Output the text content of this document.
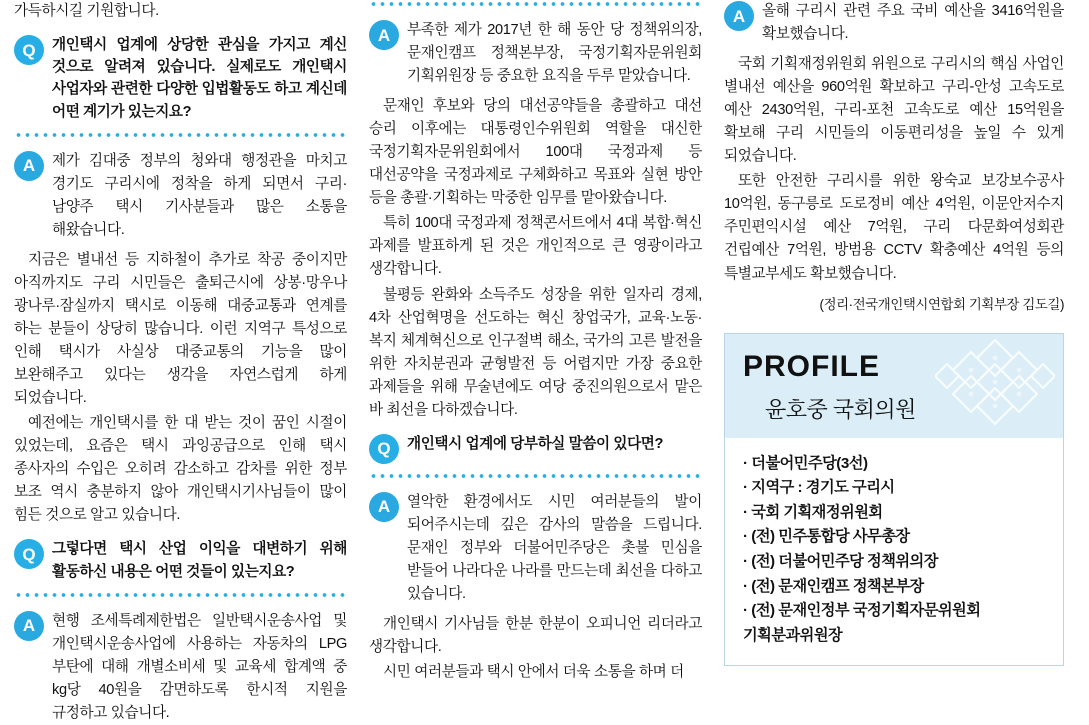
가득하시길 기원합니다.

Q	개인택시 업계에 상당한 관심을 가지고 계신 것으로 알려져 있습니다. 실제로도 개인택시 사업자와 관련한 다양한 입법활동도 하고 계신데 어떤 계기가 있는지요?
A	제가 김대중 정부의 청와대 행정관을 마치고 경기도 구리시에 정착을 하게 되면서 구리·남양주 택시 기사분들과 많은 소통을 해왔습니다.

지금은 별내선 등 지하철이 추가로 착공 중이지만 아직까지도 구리 시민들은 출퇴근시에 상봉·망우나 광나루·잠실까지 택시로 이동해 대중교통과 연계를 하는 분들이 상당히 많습니다. 이런 지역구 특성으로 인해 택시가 사실상 대중교통의 기능을 많이 보완해주고 있다는 생각을 자연스럽게 하게 되었습니다.

예전에는 개인택시를 한 대 받는 것이 꿈인 시절이 있었는데, 요즘은 택시 과잉공급으로 인해 택시 종사자의 수입은 오히려 감소하고 감차를 위한 정부 보조 역시 충분하지 않아 개인택시기사님들이 많이 힘든 것으로 알고 있습니다.

Q	그렇다면 택시 산업 이익을 대변하기 위해 활동하신 내용은 어떤 것들이 있는지요?
A	현행 조세특례제한법은 일반택시운송사업 및 개인택시운송사업에 사용하는 자동차의 LPG 부탄에 대해 개별소비세 및 교육세 합계액 중 kg당 40원을 감면하도록 한시적 지원을 규정하고 있습니다.
A	부족한 제가 2017년 한 해 동안 당 정책위의장, 문재인캠프 정책본부장, 국정기획자문위원회 기획위원장 등 중요한 요직을 두루 맡았습니다.

문재인 후보와 당의 대선공약들을 총괄하고 대선 승리 이후에는 대통령인수위원회 역할을 대신한 국정기획자문위원회에서 100대 국정과제 등 대선공약을 국정과제로 구체화하고 목표와 실현 방안 등을 총괄·기획하는 막중한 임무를 맡아왔습니다.

특히 100대 국정과제 정책콘서트에서 4대 복합·혁신 과제를 발표하게 된 것은 개인적으로 큰 영광이라고 생각합니다.

불평등 완화와 소득주도 성장을 위한 일자리 경제, 4차 산업혁명을 선도하는 혁신 창업국가, 교육·노동·복지 체계혁신으로 인구절벽 해소, 국가의 고른 발전을 위한 자치분권과 균형발전 등 어렵지만 가장 중요한 과제들을 위해 무술년에도 여당 중진의원으로서 맡은 바 최선을 다하겠습니다.

Q	개인택시 업계에 당부하실 말씀이 있다면?
A	열악한 환경에서도 시민 여러분들의 발이 되어주시는데 깊은 감사의 말씀을 드립니다. 문재인 정부와 더불어민주당은 촛불 민심을 받들어 나라다운 나라를 만드는데 최선을 다하고 있습니다.

개인택시 기사님들 한분 한분이 오피니언 리더라고 생각합니다.

시민 여러분들과 택시 안에서 더욱 소통을 하며 더

A	올해 구리시 관련 주요 국비 예산을 3416억원을 확보했습니다.

국회 기획재정위원회 위원으로 구리시의 핵심 사업인 별내선 예산을 960억원 확보하고 구리-안성 고속도로 예산 2430억원, 구리-포천 고속도로 예산 15억원을 확보해 구리 시민들의 이동편리성을 높일 수 있게 되었습니다.

또한 안전한 구리시를 위한 왕숙교 보강보수공사 10억원, 동구릉로 도로정비 예산 4억원, 이문안저수지 주민편익시설 예산 7억원, 구리 다문화여성회관 건립예산 7억원, 방범용 CCTV 확충예산 4억원 등의 특별교부세도 확보했습니다.

(정리·전국개인택시연합회 기획부장 김도길)

PROFILE
윤호중 국회의원
· 더불어민주당(3선)
· 지역구 : 경기도 구리시
· 국회 기획재정위원회
· (전) 민주통합당 사무총장
· (전) 더불어민주당 정책위의장
· (전) 문재인캠프 정책본부장
· (전) 문재인정부 국정기획자문위원회 기획분과위원장
